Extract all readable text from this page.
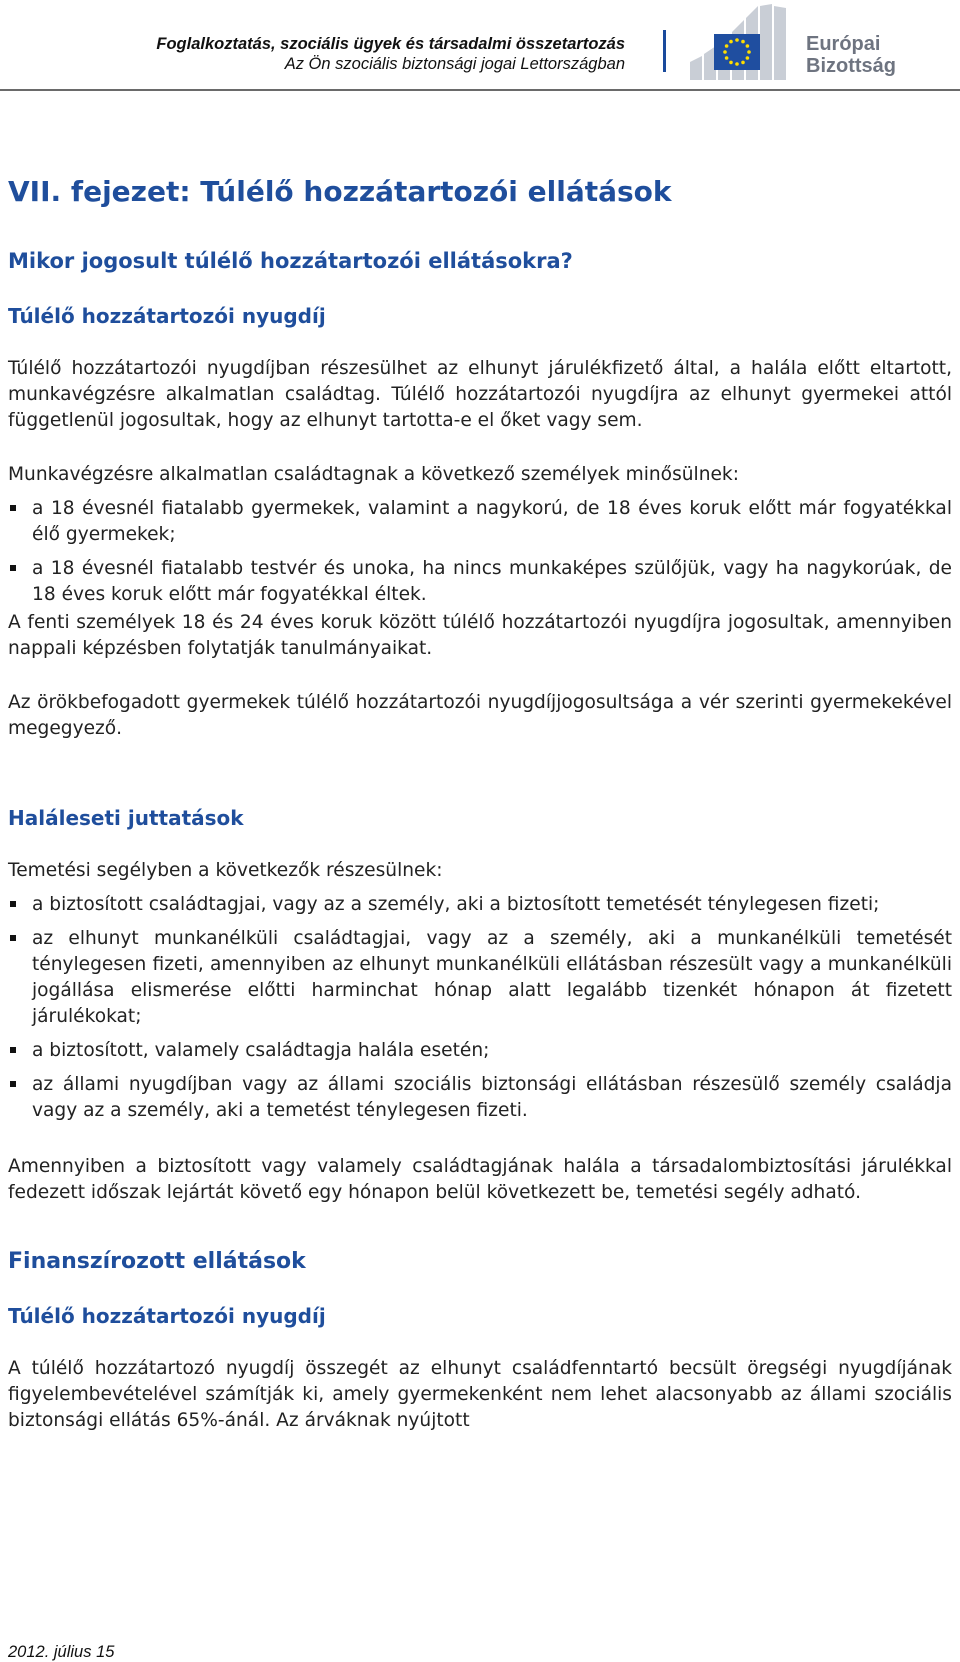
Foglalkoztatás, szociális ügyek és társadalmi összetartozás
Az Ön szociális biztonsági jogai Lettországban
Európai
Bizottság
VII. fejezet: Túlélő hozzátartozói ellátások
Mikor jogosult túlélő hozzátartozói ellátásokra?
Túlélő hozzátartozói nyugdíj

Túlélő hozzátartozói nyugdíjban részesülhet az elhunyt járulékfizető által, a halála előtt eltartott, munkavégzésre alkalmatlan családtag. Túlélő hozzátartozói nyugdíjra az elhunyt gyermekei attól függetlenül jogosultak, hogy az elhunyt tartotta-e el őket vagy sem.

Munkavégzésre alkalmatlan családtagnak a következő személyek minősülnek:

a 18 évesnél fiatalabb gyermekek, valamint a nagykorú, de 18 éves koruk előtt már fogyatékkal élő gyermekek;
a 18 évesnél fiatalabb testvér és unoka, ha nincs munkaképes szülőjük, vagy ha nagykorúak, de 18 éves koruk előtt már fogyatékkal éltek.

A fenti személyek 18 és 24 éves koruk között túlélő hozzátartozói nyugdíjra jogosultak, amennyiben nappali képzésben folytatják tanulmányaikat.

Az örökbefogadott gyermekek túlélő hozzátartozói nyugdíjjogosultsága a vér szerinti gyermekekével megegyező.

Haláleseti juttatások

Temetési segélyben a következők részesülnek:

a biztosított családtagjai, vagy az a személy, aki a biztosított temetését ténylegesen fizeti;
az elhunyt munkanélküli családtagjai, vagy az a személy, aki a munkanélküli temetését ténylegesen fizeti, amennyiben az elhunyt munkanélküli ellátásban részesült vagy a munkanélküli jogállása elismerése előtti harminchat hónap alatt legalább tizenkét hónapon át fizetett járulékokat;
a biztosított, valamely családtagja halála esetén;
az állami nyugdíjban vagy az állami szociális biztonsági ellátásban részesülő személy családja vagy az a személy, aki a temetést ténylegesen fizeti.

Amennyiben a biztosított vagy valamely családtagjának halála a társadalombiztosítási járulékkal fedezett időszak lejártát követő egy hónapon belül következett be, temetési segély adható.

Finanszírozott ellátások
Túlélő hozzátartozói nyugdíj

A túlélő hozzátartozó nyugdíj összegét az elhunyt családfenntartó becsült öregségi nyugdíjának figyelembevételével számítják ki, amely gyermekenként nem lehet alacsonyabb az állami szociális biztonsági ellátás 65%-ánál. Az árváknak nyújtott

2012. július 15
